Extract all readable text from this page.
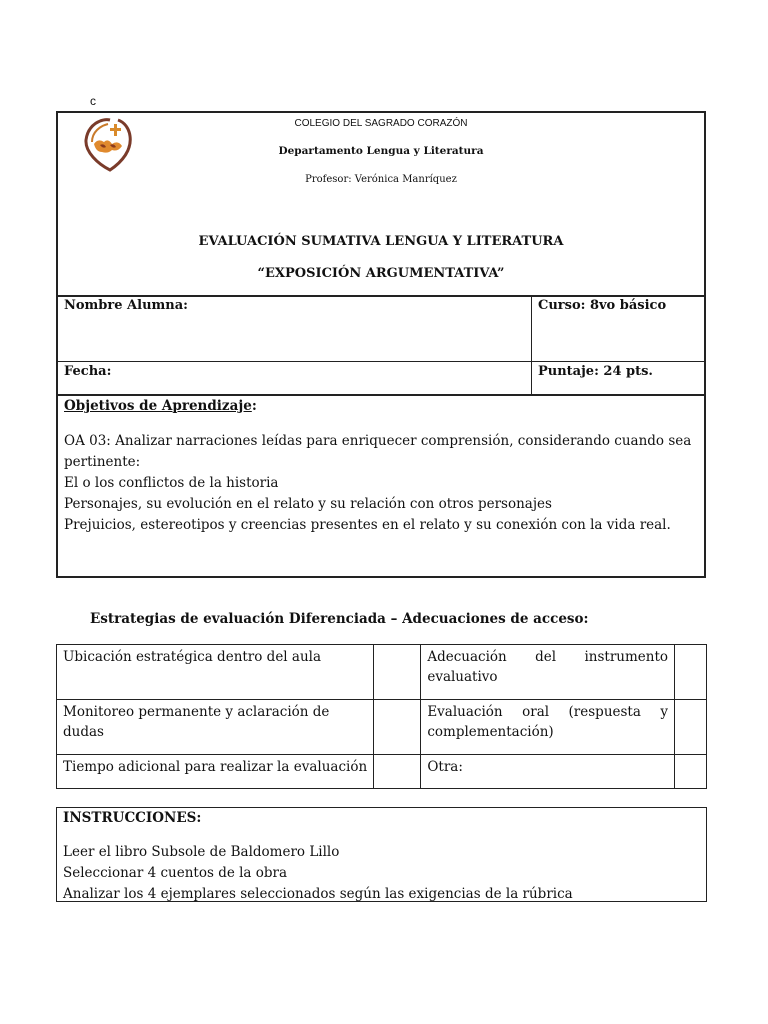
c
COLEGIO DEL SAGRADO CORAZÓN
Departamento Lengua y Literatura
Profesor: Verónica Manríquez
EVALUACIÓN SUMATIVA LENGUA Y LITERATURA
“EXPOSICIÓN ARGUMENTATIVA”
Nombre Alumna:	Curso: 8vo básico
Fecha:	Puntaje: 24 pts.
Objetivos de Aprendizaje:
OA 03: Analizar narraciones leídas para enriquecer comprensión, considerando cuando sea
pertinente:
El o los conflictos de la historia
Personajes, su evolución en el relato y su relación con otros personajes
Prejuicios, estereotipos y creencias presentes en el relato y su conexión con la vida real.
Estrategias de evaluación Diferenciada – Adecuaciones de acceso:
Ubicación estratégica dentro del aula		Adecuación del instrumento
evaluativo	

Monitoreo permanente y aclaración de dudas		Evaluación oral (respuesta y
complementación)	

Tiempo adicional para realizar la evaluación		Otra:	

INSTRUCCIONES:
Leer el libro Subsole de Baldomero Lillo
Seleccionar 4 cuentos de la obra
Analizar los 4 ejemplares seleccionados según las exigencias de la rúbrica
